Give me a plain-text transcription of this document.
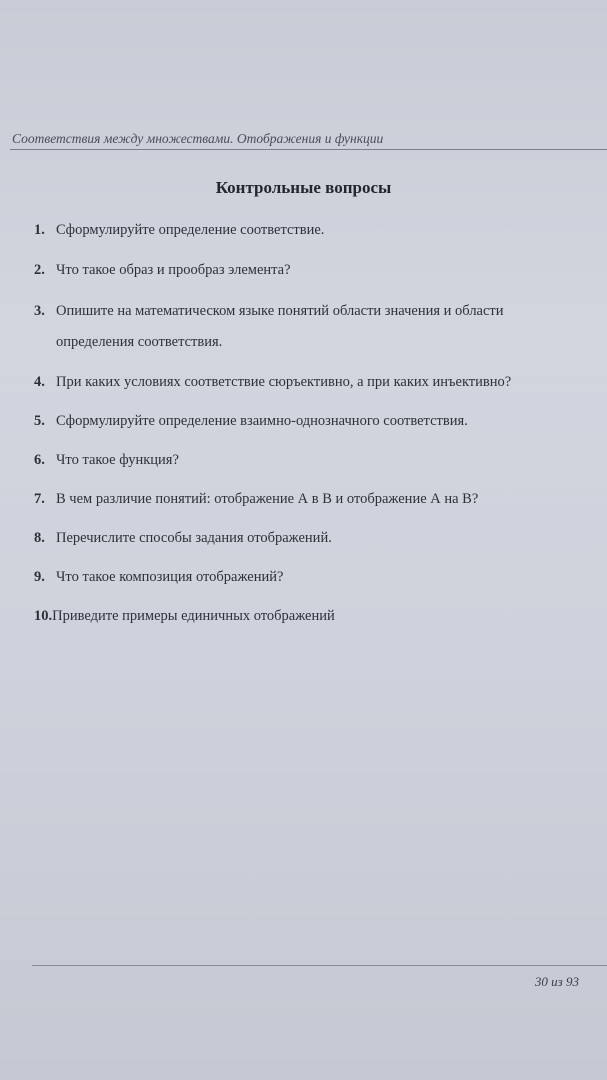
Соответствия между множествами. Отображения и функции
Контрольные вопросы
1. Сформулируйте определение соответствие.
2. Что такое образ и прообраз элемента?
3. Опишите на математическом языке понятий области значения и области
определения соответствия.
4. При каких условиях соответствие сюръективно, а при каких инъективно?
5. Сформулируйте определение взаимно-однозначного соответствия.
6. Что такое функция?
7. В чем различие понятий: отображение А в В и отображение А на В?
8. Перечислите способы задания отображений.
9. Что такое композиция отображений?
10.Приведите примеры единичных отображений
30 из 93
